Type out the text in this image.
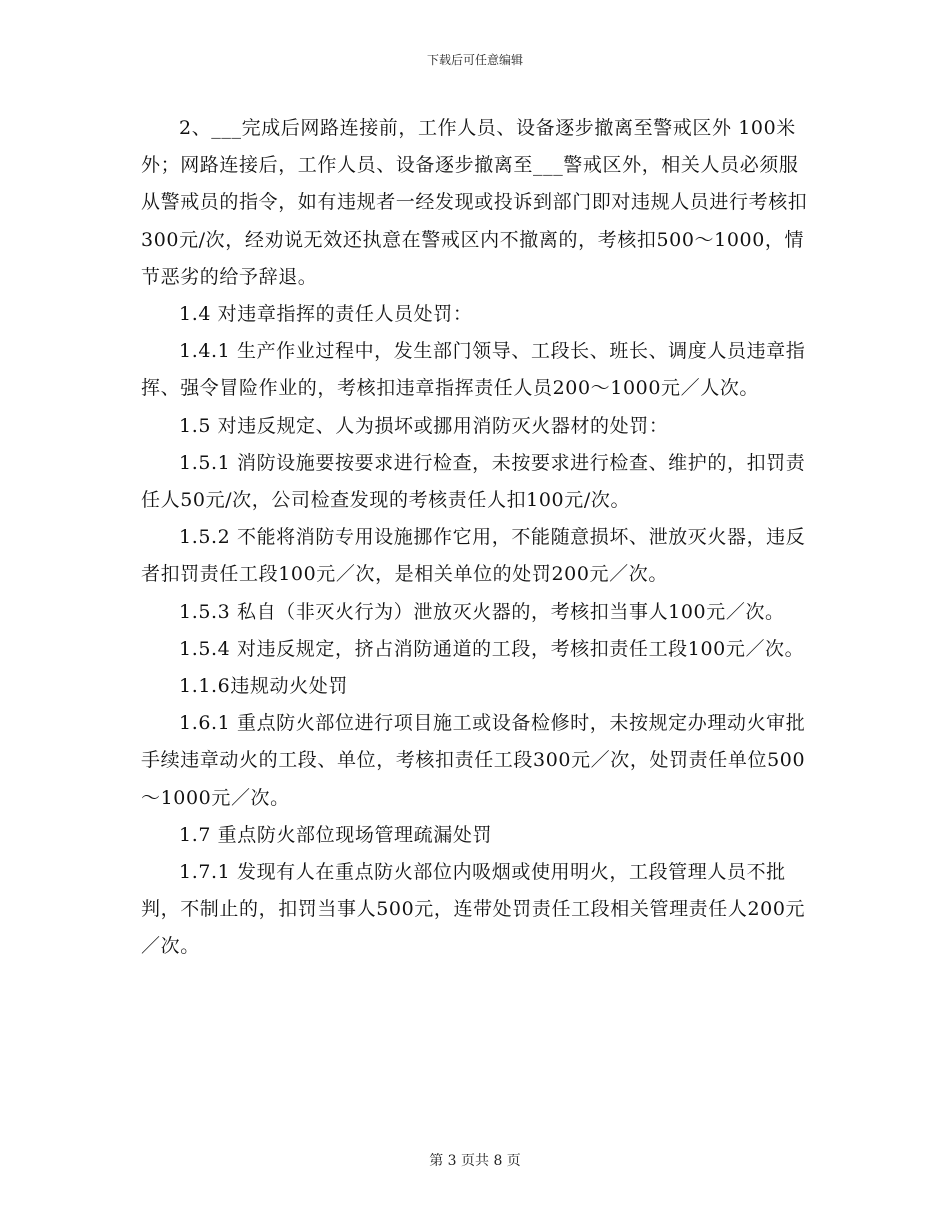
下载后可任意编辑

2、___完成后网路连接前，工作人员、设备逐步撤离至警戒区外 100米外；网路连接后，工作人员、设备逐步撤离至___警戒区外，相关人员必须服从警戒员的指令，如有违规者一经发现或投诉到部门即对违规人员进行考核扣300元/次，经劝说无效还执意在警戒区内不撤离的，考核扣500～1000，情节恶劣的给予辞退。

1.4 对违章指挥的责任人员处罚：

1.4.1 生产作业过程中，发生部门领导、工段长、班长、调度人员违章指挥、强令冒险作业的，考核扣违章指挥责任人员200～1000元／人次。

1.5 对违反规定、人为损坏或挪用消防灭火器材的处罚：

1.5.1 消防设施要按要求进行检查，未按要求进行检查、维护的，扣罚责任人50元/次，公司检查发现的考核责任人扣100元/次。

1.5.2 不能将消防专用设施挪作它用，不能随意损坏、泄放灭火器，违反者扣罚责任工段100元／次，是相关单位的处罚200元／次。

1.5.3 私自（非灭火行为）泄放灭火器的，考核扣当事人100元／次。

1.5.4 对违反规定，挤占消防通道的工段，考核扣责任工段100元／次。

1.1.6违规动火处罚

1.6.1 重点防火部位进行项目施工或设备检修时，未按规定办理动火审批手续违章动火的工段、单位，考核扣责任工段300元／次，处罚责任单位500～1000元／次。

1.7 重点防火部位现场管理疏漏处罚

1.7.1 发现有人在重点防火部位内吸烟或使用明火，工段管理人员不批判，不制止的，扣罚当事人500元，连带处罚责任工段相关管理责任人200元／次。

第 3 页共 8 页
